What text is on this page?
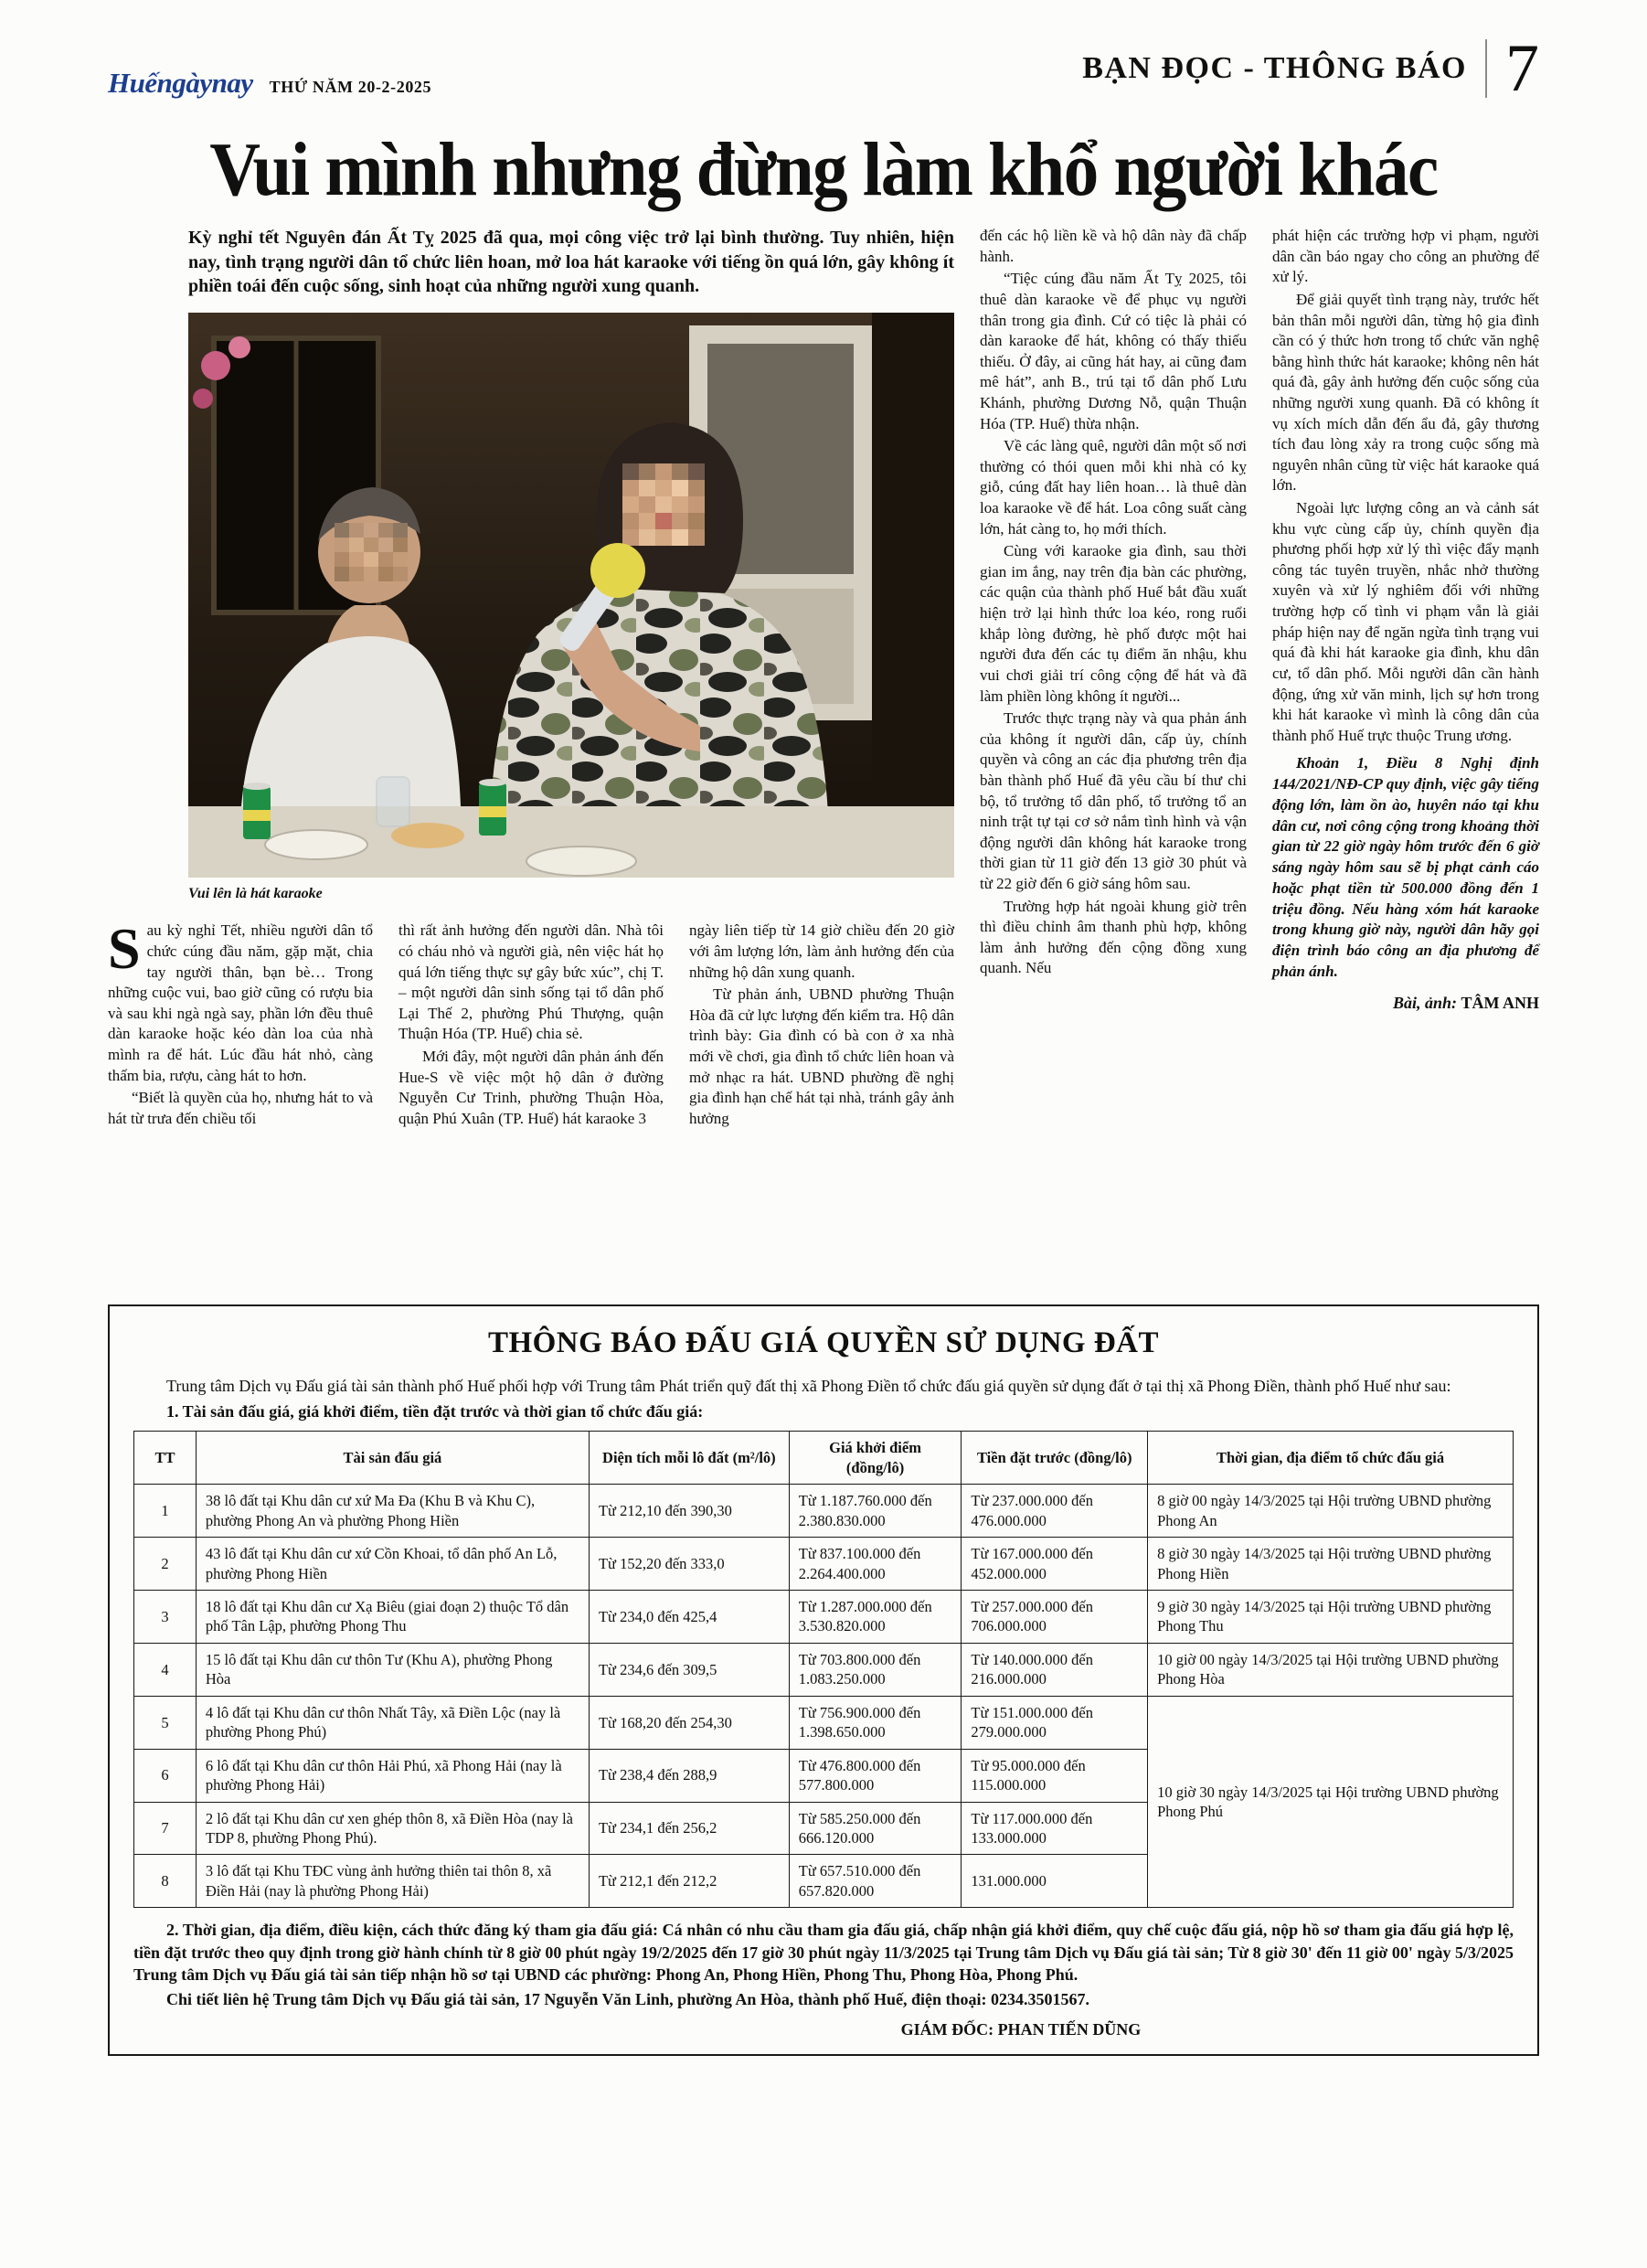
Huếngàynay THỨ NĂM 20-2-2025
BẠN ĐỌC - THÔNG BÁO 7
Vui mình nhưng đừng làm khổ người khác

Kỳ nghỉ tết Nguyên đán Ất Tỵ 2025 đã qua, mọi công việc trở lại bình thường. Tuy nhiên, hiện nay, tình trạng người dân tổ chức liên hoan, mở loa hát karaoke với tiếng ồn quá lớn, gây không ít phiền toái đến cuộc sống, sinh hoạt của những người xung quanh.

Vui lên là hát karaoke

Sau kỳ nghỉ Tết, nhiều người dân tổ chức cúng đầu năm, gặp mặt, chia tay người thân, bạn bè… Trong những cuộc vui, bao giờ cũng có rượu bia và sau khi ngà ngà say, phần lớn đều thuê dàn karaoke hoặc kéo dàn loa của nhà mình ra để hát. Lúc đầu hát nhỏ, càng thấm bia, rượu, càng hát to hơn.

“Biết là quyền của họ, nhưng hát to và hát từ trưa đến chiều tối

thì rất ảnh hưởng đến người dân. Nhà tôi có cháu nhỏ và người già, nên việc hát họ quá lớn tiếng thực sự gây bức xúc”, chị T. – một người dân sinh sống tại tổ dân phố Lại Thế 2, phường Phú Thượng, quận Thuận Hóa (TP. Huế) chia sẻ.

Mới đây, một người dân phản ánh đến Hue-S về việc một hộ dân ở đường Nguyễn Cư Trinh, phường Thuận Hòa, quận Phú Xuân (TP. Huế) hát karaoke 3

ngày liên tiếp từ 14 giờ chiều đến 20 giờ với âm lượng lớn, làm ảnh hưởng đến của những hộ dân xung quanh.

Từ phản ánh, UBND phường Thuận Hòa đã cử lực lượng đến kiểm tra. Hộ dân trình bày: Gia đình có bà con ở xa nhà mới về chơi, gia đình tổ chức liên hoan và mở nhạc ra hát. UBND phường đề nghị gia đình hạn chế hát tại nhà, tránh gây ảnh hưởng

đến các hộ liền kề và hộ dân này đã chấp hành.

“Tiệc cúng đầu năm Ất Tỵ 2025, tôi thuê dàn karaoke về để phục vụ người thân trong gia đình. Cứ có tiệc là phải có dàn karaoke để hát, không có thấy thiếu thiếu. Ở đây, ai cũng hát hay, ai cũng đam mê hát”, anh B., trú tại tổ dân phố Lưu Khánh, phường Dương Nỗ, quận Thuận Hóa (TP. Huế) thừa nhận.

Về các làng quê, người dân một số nơi thường có thói quen mỗi khi nhà có kỵ giỗ, cúng đất hay liên hoan… là thuê dàn loa karaoke về để hát. Loa công suất càng lớn, hát càng to, họ mới thích.

Cùng với karaoke gia đình, sau thời gian im ắng, nay trên địa bàn các phường, các quận của thành phố Huế bắt đầu xuất hiện trở lại hình thức loa kéo, rong ruổi khắp lòng đường, hè phố được một hai người đưa đến các tụ điểm ăn nhậu, khu vui chơi giải trí công cộng để hát và đã làm phiền lòng không ít người...

Trước thực trạng này và qua phản ánh của không ít người dân, cấp ủy, chính quyền và công an các địa phương trên địa bàn thành phố Huế đã yêu cầu bí thư chi bộ, tổ trưởng tổ dân phố, tổ trưởng tổ an ninh trật tự tại cơ sở nắm tình hình và vận động người dân không hát karaoke trong thời gian từ 11 giờ đến 13 giờ 30 phút và từ 22 giờ đến 6 giờ sáng hôm sau.

Trường hợp hát ngoài khung giờ trên thì điều chỉnh âm thanh phù hợp, không làm ảnh hưởng đến cộng đồng xung quanh. Nếu

phát hiện các trường hợp vi phạm, người dân cần báo ngay cho công an phường để xử lý.

Để giải quyết tình trạng này, trước hết bản thân mỗi người dân, từng hộ gia đình cần có ý thức hơn trong tổ chức văn nghệ bằng hình thức hát karaoke; không nên hát quá đà, gây ảnh hưởng đến cuộc sống của những người xung quanh. Đã có không ít vụ xích mích dẫn đến ẩu đả, gây thương tích đau lòng xảy ra trong cuộc sống mà nguyên nhân cũng từ việc hát karaoke quá lớn.

Ngoài lực lượng công an và cảnh sát khu vực cùng cấp ủy, chính quyền địa phương phối hợp xử lý thì việc đẩy mạnh công tác tuyên truyền, nhắc nhở thường xuyên và xử lý nghiêm đối với những trường hợp cố tình vi phạm vẫn là giải pháp hiện nay để ngăn ngừa tình trạng vui quá đà khi hát karaoke gia đình, khu dân cư, tổ dân phố. Mỗi người dân cần hành động, ứng xử văn minh, lịch sự hơn trong khi hát karaoke vì mình là công dân của thành phố Huế trực thuộc Trung ương.

Khoản 1, Điều 8 Nghị định 144/2021/NĐ-CP quy định, việc gây tiếng động lớn, làm ồn ào, huyên náo tại khu dân cư, nơi công cộng trong khoảng thời gian từ 22 giờ ngày hôm trước đến 6 giờ sáng ngày hôm sau sẽ bị phạt cảnh cáo hoặc phạt tiền từ 500.000 đồng đến 1 triệu đồng. Nếu hàng xóm hát karaoke trong khung giờ này, người dân hãy gọi điện trình báo công an địa phương để phản ánh.

Bài, ảnh: TÂM ANH

THÔNG BÁO ĐẤU GIÁ QUYỀN SỬ DỤNG ĐẤT

Trung tâm Dịch vụ Đấu giá tài sản thành phố Huế phối hợp với Trung tâm Phát triển quỹ đất thị xã Phong Điền tổ chức đấu giá quyền sử dụng đất ở tại thị xã Phong Điền, thành phố Huế như sau:

1. Tài sản đấu giá, giá khởi điểm, tiền đặt trước và thời gian tổ chức đấu giá:

TT	Tài sản đấu giá	Diện tích mỗi lô đất (m²/lô)	Giá khởi điểm (đồng/lô)	Tiền đặt trước (đồng/lô)	Thời gian, địa điểm tổ chức đấu giá
1	38 lô đất tại Khu dân cư xứ Ma Đa (Khu B và Khu C), phường Phong An và phường Phong Hiền	Từ 212,10 đến 390,30	Từ 1.187.760.000 đến 2.380.830.000	Từ 237.000.000 đến 476.000.000	8 giờ 00 ngày 14/3/2025 tại Hội trường UBND phường Phong An
2	43 lô đất tại Khu dân cư xứ Cồn Khoai, tổ dân phố An Lỗ, phường Phong Hiền	Từ 152,20 đến 333,0	Từ 837.100.000 đến 2.264.400.000	Từ 167.000.000 đến 452.000.000	8 giờ 30 ngày 14/3/2025 tại Hội trường UBND phường Phong Hiền
3	18 lô đất tại Khu dân cư Xạ Biêu (giai đoạn 2) thuộc Tổ dân phố Tân Lập, phường Phong Thu	Từ 234,0 đến 425,4	Từ 1.287.000.000 đến 3.530.820.000	Từ 257.000.000 đến 706.000.000	9 giờ 30 ngày 14/3/2025 tại Hội trường UBND phường Phong Thu
4	15 lô đất tại Khu dân cư thôn Tư (Khu A), phường Phong Hòa	Từ 234,6 đến 309,5	Từ 703.800.000 đến 1.083.250.000	Từ 140.000.000 đến 216.000.000	10 giờ 00 ngày 14/3/2025 tại Hội trường UBND phường Phong Hòa
5	4 lô đất tại Khu dân cư thôn Nhất Tây, xã Điền Lộc (nay là phường Phong Phú)	Từ 168,20 đến 254,30	Từ 756.900.000 đến 1.398.650.000	Từ 151.000.000 đến 279.000.000	10 giờ 30 ngày 14/3/2025 tại Hội trường UBND phường Phong Phú
6	6 lô đất tại Khu dân cư thôn Hải Phú, xã Phong Hải (nay là phường Phong Hải)	Từ 238,4 đến 288,9	Từ 476.800.000 đến 577.800.000	Từ 95.000.000 đến 115.000.000	
7	2 lô đất tại Khu dân cư xen ghép thôn 8, xã Điền Hòa (nay là TDP 8, phường Phong Phú).	Từ 234,1 đến 256,2	Từ 585.250.000 đến 666.120.000	Từ 117.000.000 đến 133.000.000	
8	3 lô đất tại Khu TĐC vùng ảnh hưởng thiên tai thôn 8, xã Điền Hải (nay là phường Phong Hải)	Từ 212,1 đến 212,2	Từ 657.510.000 đến 657.820.000	131.000.000	

2. Thời gian, địa điểm, điều kiện, cách thức đăng ký tham gia đấu giá: Cá nhân có nhu cầu tham gia đấu giá, chấp nhận giá khởi điểm, quy chế cuộc đấu giá, nộp hồ sơ tham gia đấu giá hợp lệ, tiền đặt trước theo quy định trong giờ hành chính từ 8 giờ 00 phút ngày 19/2/2025 đến 17 giờ 30 phút ngày 11/3/2025 tại Trung tâm Dịch vụ Đấu giá tài sản; Từ 8 giờ 30' đến 11 giờ 00' ngày 5/3/2025 Trung tâm Dịch vụ Đấu giá tài sản tiếp nhận hồ sơ tại UBND các phường: Phong An, Phong Hiền, Phong Thu, Phong Hòa, Phong Phú.

Chi tiết liên hệ Trung tâm Dịch vụ Đấu giá tài sản, 17 Nguyễn Văn Linh, phường An Hòa, thành phố Huế, điện thoại: 0234.3501567.

GIÁM ĐỐC: PHAN TIẾN DŨNG
